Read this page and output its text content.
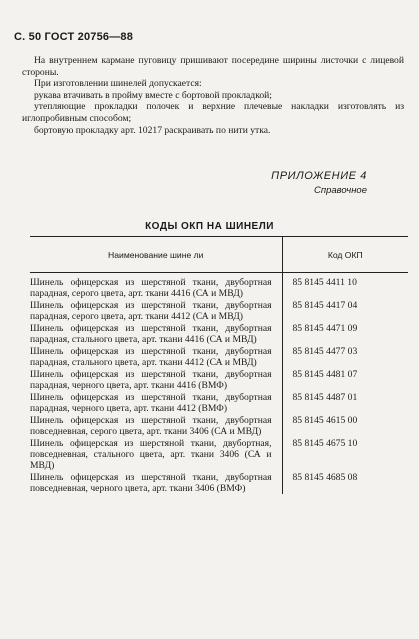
С. 50 ГОСТ 20756—88

На внутреннем кармане пуговицу пришивают посередине ширины листочки с лицевой стороны.

При изготовлении шинелей допускается:

рукава втачивать в пройму вместе с бортовой прокладкой;

утепляющие прокладки полочек и верхние плечевые накладки изготовлять из иглопробивным способом;

бортовую прокладку арт. 10217 раскраивать по нити утка.

ПРИЛОЖЕНИЕ 4
Справочное
КОДЫ ОКП НА ШИНЕЛИ
Наименование шине ли	Код ОКП
Шинель офицерская из шерстяной ткани, двубортная парадная, серого цвета, арт. ткани 4416 (СА и МВД)	85 8145 4411 10
Шинель офицерская из шерстяной ткани, двубортная парадная, серого цвета, арт. ткани 4412 (СА и МВД)	85 8145 4417 04
Шинель офицерская из шерстяной ткани, двубортная парадная, стального цвета, арт. ткани 4416 (СА и МВД)	85 8145 4471 09
Шинель офицерская из шерстяной ткани, двубортная парадная, стального цвета, арт. ткани 4412 (СА и МВД)	85 8145 4477 03
Шинель офицерская из шерстяной ткани, двубортная парадная, черного цвета, арт. ткани 4416 (ВМФ)	85 8145 4481 07
Шинель офицерская из шерстяной ткани, двубортная парадная, черного цвета, арт. ткани 4412 (ВМФ)	85 8145 4487 01
Шинель офицерская из шерстяной ткани, двубортная повседневная, серого цвета, арт. ткани 3406 (СА и МВД)	85 8145 4615 00
Шинель офицерская из шерстяной ткани, двубортная, повседневная, стального цвета, арт. ткани 3406 (СА и МВД)	85 8145 4675 10
Шинель офицерская из шерстяной ткани, двубортная повседневная, черного цвета, арт. ткани 3406 (ВМФ)	85 8145 4685 08
